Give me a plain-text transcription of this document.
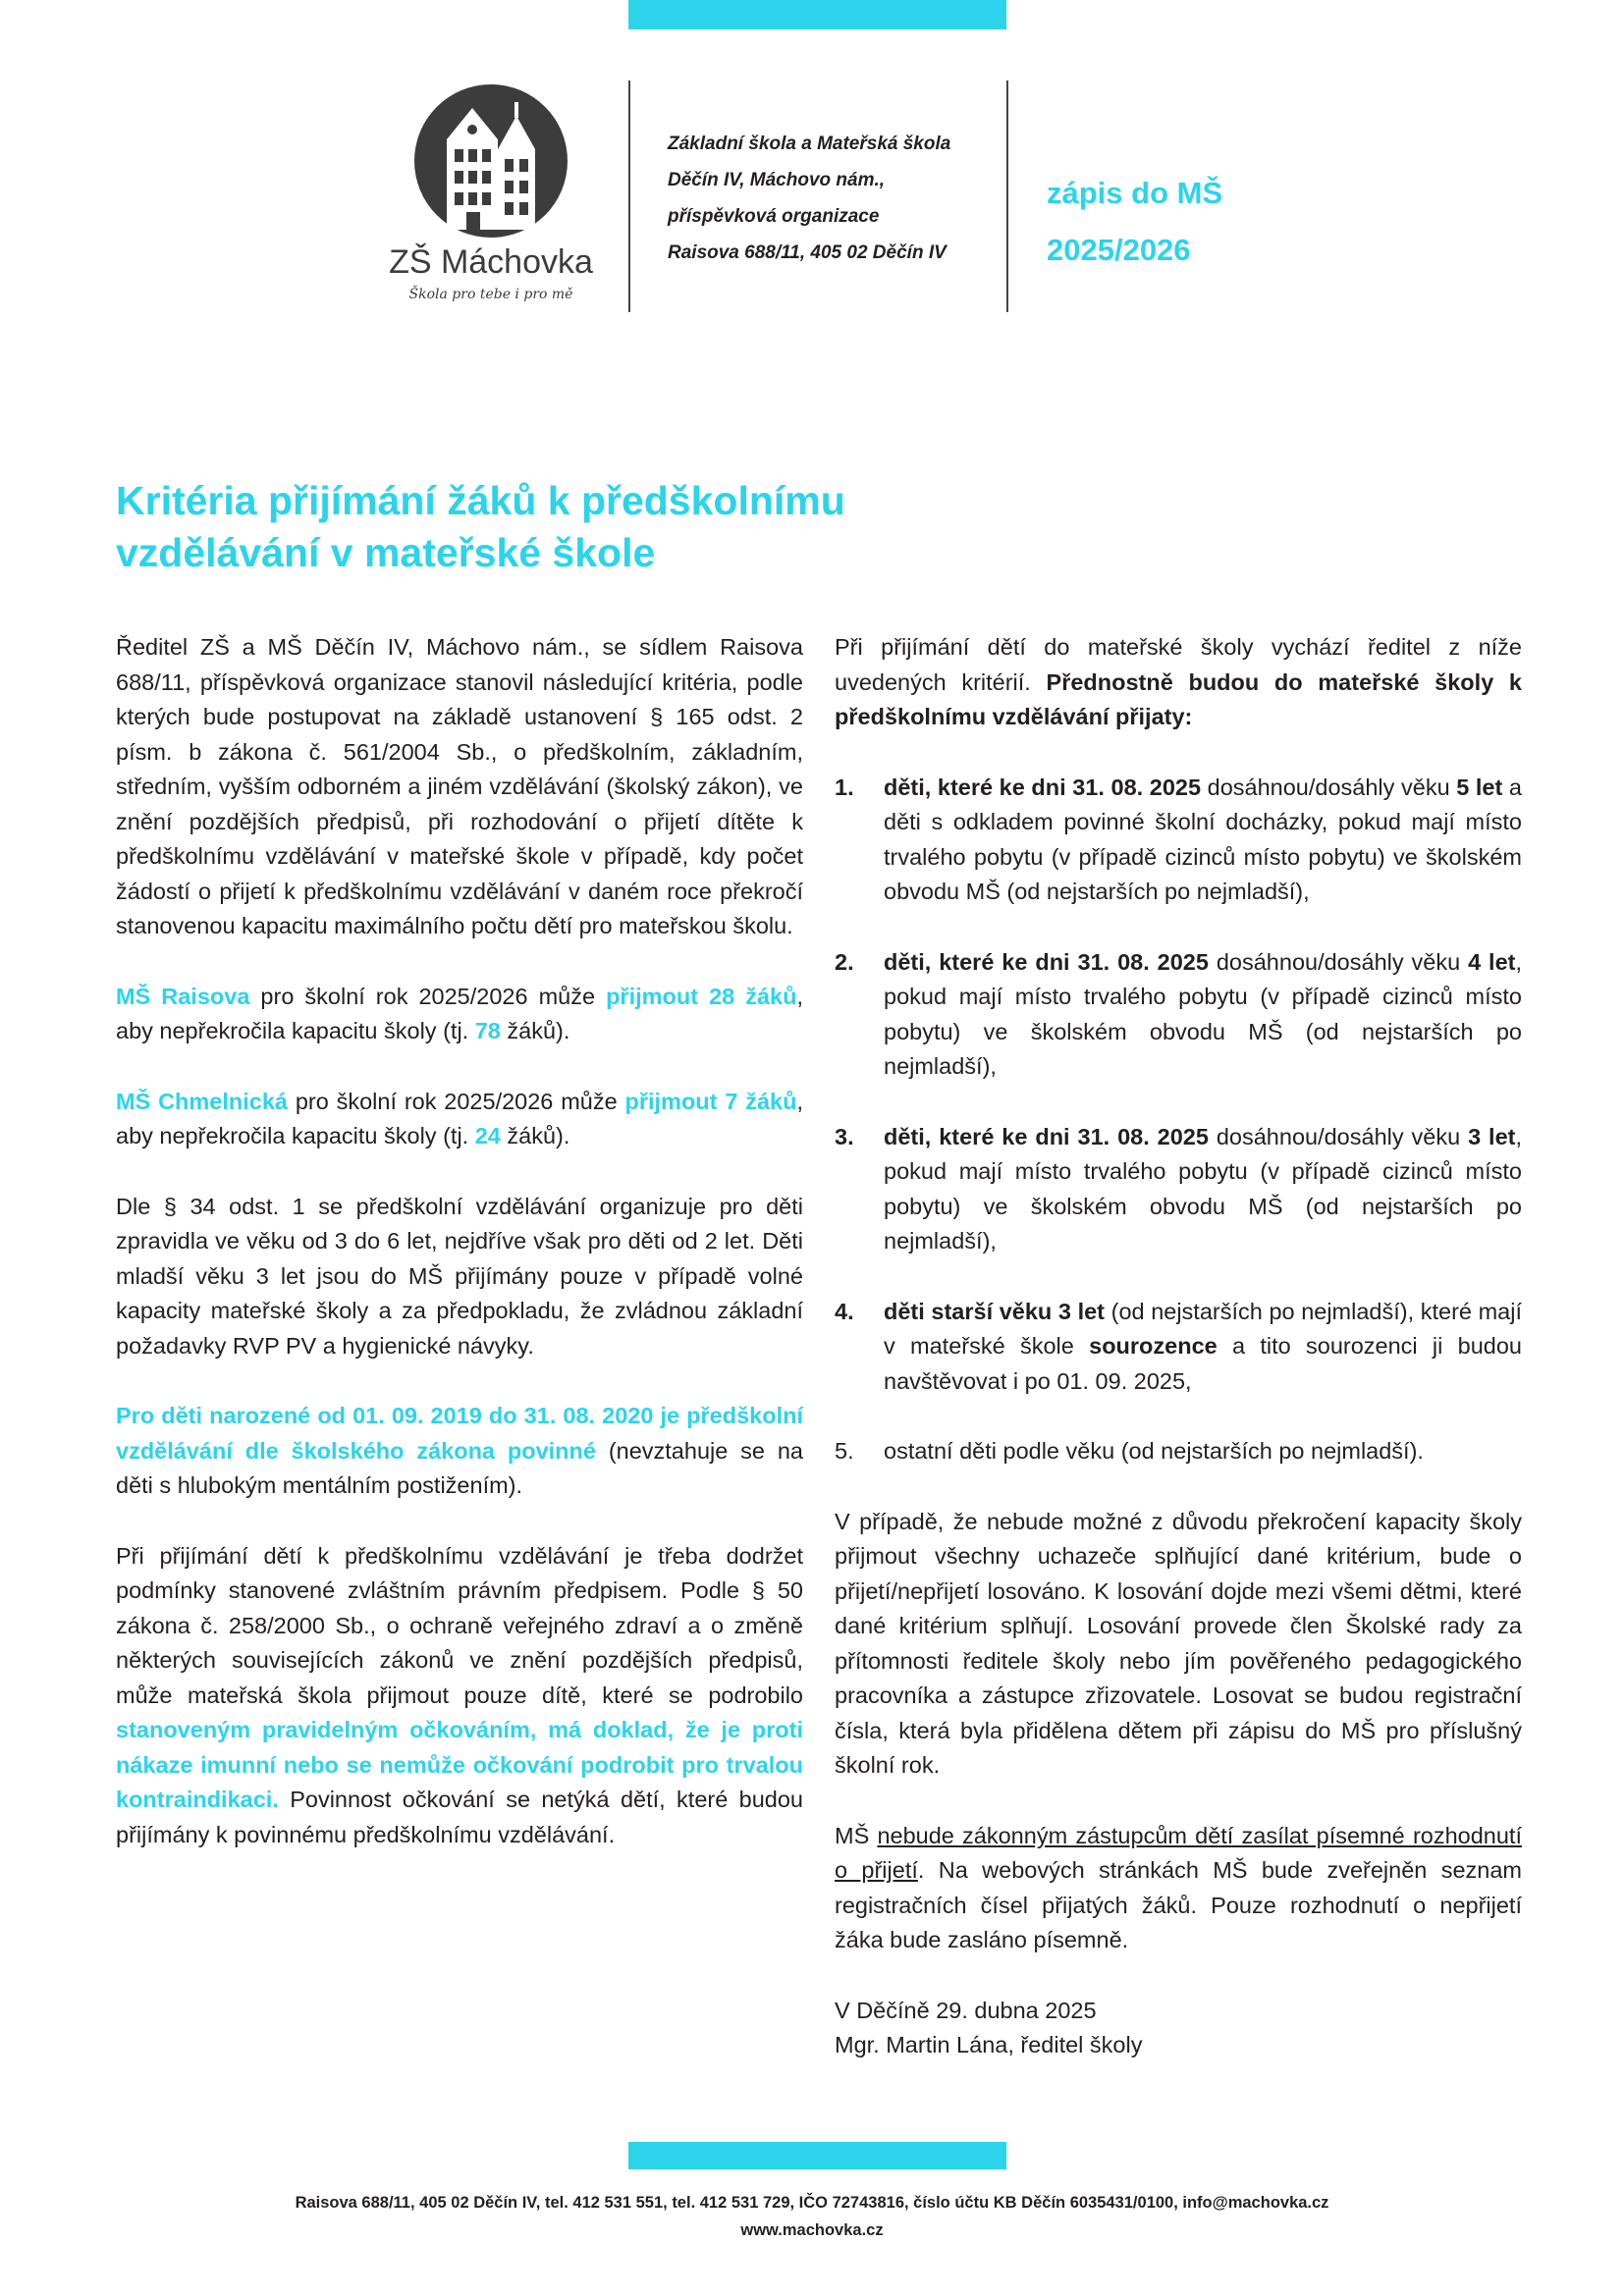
ZŠ Máchovka
Škola pro tebe i pro mě
Základní škola a Mateřská škola
Děčín IV, Máchovo nám.,
příspěvková organizace
Raisova 688/11, 405 02 Děčín IV
zápis do MŠ
2025/2026
Kritéria přijímání žáků k předškolnímu
vzdělávání v mateřské škole

Ředitel ZŠ a MŠ Děčín IV, Máchovo nám., se sídlem Raisova 688/11, příspěvková organizace stanovil následující kritéria, podle kterých bude postupovat na základě ustanovení § 165 odst. 2 písm. b zákona č. 561/2004 Sb., o předškolním, základním, středním, vyšším odborném a jiném vzdělávání (školský zákon), ve znění pozdějších předpisů, při rozhodování o přijetí dítěte k předškolnímu vzdělávání v mateřské škole v případě, kdy počet žádostí o přijetí k předškolnímu vzdělávání v daném roce překročí stanovenou kapacitu maximálního počtu dětí pro mateřskou školu.

MŠ Raisova pro školní rok 2025/2026 může přijmout 28 žáků, aby nepřekročila kapacitu školy (tj. 78 žáků).

MŠ Chmelnická pro školní rok 2025/2026 může přijmout 7 žáků, aby nepřekročila kapacitu školy (tj. 24 žáků).

Dle § 34 odst. 1 se předškolní vzdělávání organizuje pro děti zpravidla ve věku od 3 do 6 let, nejdříve však pro děti od 2 let. Děti mladší věku 3 let jsou do MŠ přijímány pouze v případě volné kapacity mateřské školy a za předpokladu, že zvládnou základní požadavky RVP PV a hygienické návyky.

Pro děti narozené od 01. 09. 2019 do 31. 08. 2020 je předškolní vzdělávání dle školského zákona povinné (nevztahuje se na děti s hlubokým mentálním postižením).

Při přijímání dětí k předškolnímu vzdělávání je třeba dodržet podmínky stanovené zvláštním právním předpisem. Podle § 50 zákona č. 258/2000 Sb., o ochraně veřejného zdraví a o změně některých souvisejících zákonů ve znění pozdějších předpisů, může mateřská škola přijmout pouze dítě, které se podrobilo stanoveným pravidelným očkováním, má doklad, že je proti nákaze imunní nebo se nemůže očkování podrobit pro trvalou kontraindikaci. Povinnost očkování se netýká dětí, které budou přijímány k povinnému předškolnímu vzdělávání.

Při přijímání dětí do mateřské školy vychází ředitel z níže uvedených kritérií. Přednostně budou do mateřské školy k předškolnímu vzdělávání přijaty:

1. děti, které ke dni 31. 08. 2025 dosáhnou/dosáhly věku 5 let a děti s odkladem povinné školní docházky, pokud mají místo trvalého pobytu (v případě cizinců místo pobytu) ve školském obvodu MŠ (od nejstarších po nejmladší),
2. děti, které ke dni 31. 08. 2025 dosáhnou/dosáhly věku 4 let, pokud mají místo trvalého pobytu (v případě cizinců místo pobytu) ve školském obvodu MŠ (od nejstarších po nejmladší),
3. děti, které ke dni 31. 08. 2025 dosáhnou/dosáhly věku 3 let, pokud mají místo trvalého pobytu (v případě cizinců místo pobytu) ve školském obvodu MŠ (od nejstarších po nejmladší),
4. děti starší věku 3 let (od nejstarších po nejmladší), které mají v mateřské škole sourozence a tito sourozenci ji budou navštěvovat i po 01. 09. 2025,
5. ostatní děti podle věku (od nejstarších po nejmladší).

V případě, že nebude možné z důvodu překročení kapacity školy přijmout všechny uchazeče splňující dané kritérium, bude o přijetí/nepřijetí losováno. K losování dojde mezi všemi dětmi, které dané kritérium splňují. Losování provede člen Školské rady za přítomnosti ředitele školy nebo jím pověřeného pedagogického pracovníka a zástupce zřizovatele. Losovat se budou registrační čísla, která byla přidělena dětem při zápisu do MŠ pro příslušný školní rok.

MŠ nebude zákonným zástupcům dětí zasílat písemné rozhodnutí o přijetí. Na webových stránkách MŠ bude zveřejněn seznam registračních čísel přijatých žáků. Pouze rozhodnutí o nepřijetí žáka bude zasláno písemně.

V Děčíně 29. dubna 2025
Mgr. Martin Lána, ředitel školy

Raisova 688/11, 405 02 Děčín IV, tel. 412 531 551, tel. 412 531 729, IČO 72743816, číslo účtu KB Děčín 6035431/0100, info@machovka.cz
www.machovka.cz
